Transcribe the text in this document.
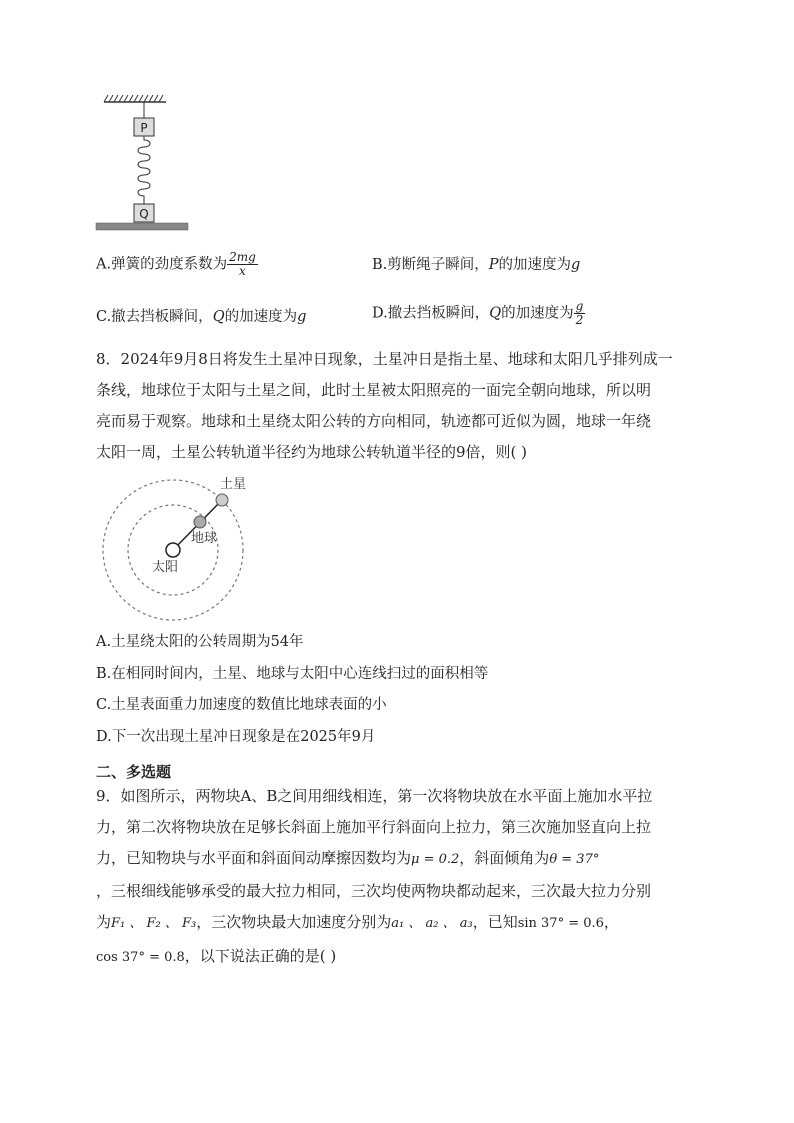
P
Q
A.弹簧的劲度系数为 $\frac{2mg}{x}$	B.剪断绳子瞬间，P的加速度为g
C.撤去挡板瞬间，Q的加速度为g	D.撤去挡板瞬间，Q的加速度为 $\frac{g}{2}$
8．2024年9月8日将发生土星冲日现象，土星冲日是指土星、地球和太阳几乎排列成一
条线，地球位于太阳与土星之间，此时土星被太阳照亮的一面完全朝向地球，所以明
亮而易于观察。地球和土星绕太阳公转的方向相同，轨迹都可近似为圆，地球一年绕
太阳一周，土星公转轨道半径约为地球公转轨道半径的9倍，则( )
土星
地球
太阳
A.土星绕太阳的公转周期为54年
B.在相同时间内，土星、地球与太阳中心连线扫过的面积相等
C.土星表面重力加速度的数值比地球表面的小
D.下一次出现土星冲日现象是在2025年9月
二、多选题
9．如图所示，两物块A、B之间用细线相连，第一次将物块放在水平面上施加水平拉
力，第二次将物块放在足够长斜面上施加平行斜面向上拉力，第三次施加竖直向上拉
力，已知物块与水平面和斜面间动摩擦因数均为μ = 0.2，斜面倾角为θ = 37°
，三根细线能够承受的最大拉力相同，三次均使两物块都动起来，三次最大拉力分别
为F₁ 、 F₂ 、 F₃，三次物块最大加速度分别为a₁ 、 a₂ 、 a₃，已知sin 37° = 0.6，
cos 37° = 0.8，以下说法正确的是( )
